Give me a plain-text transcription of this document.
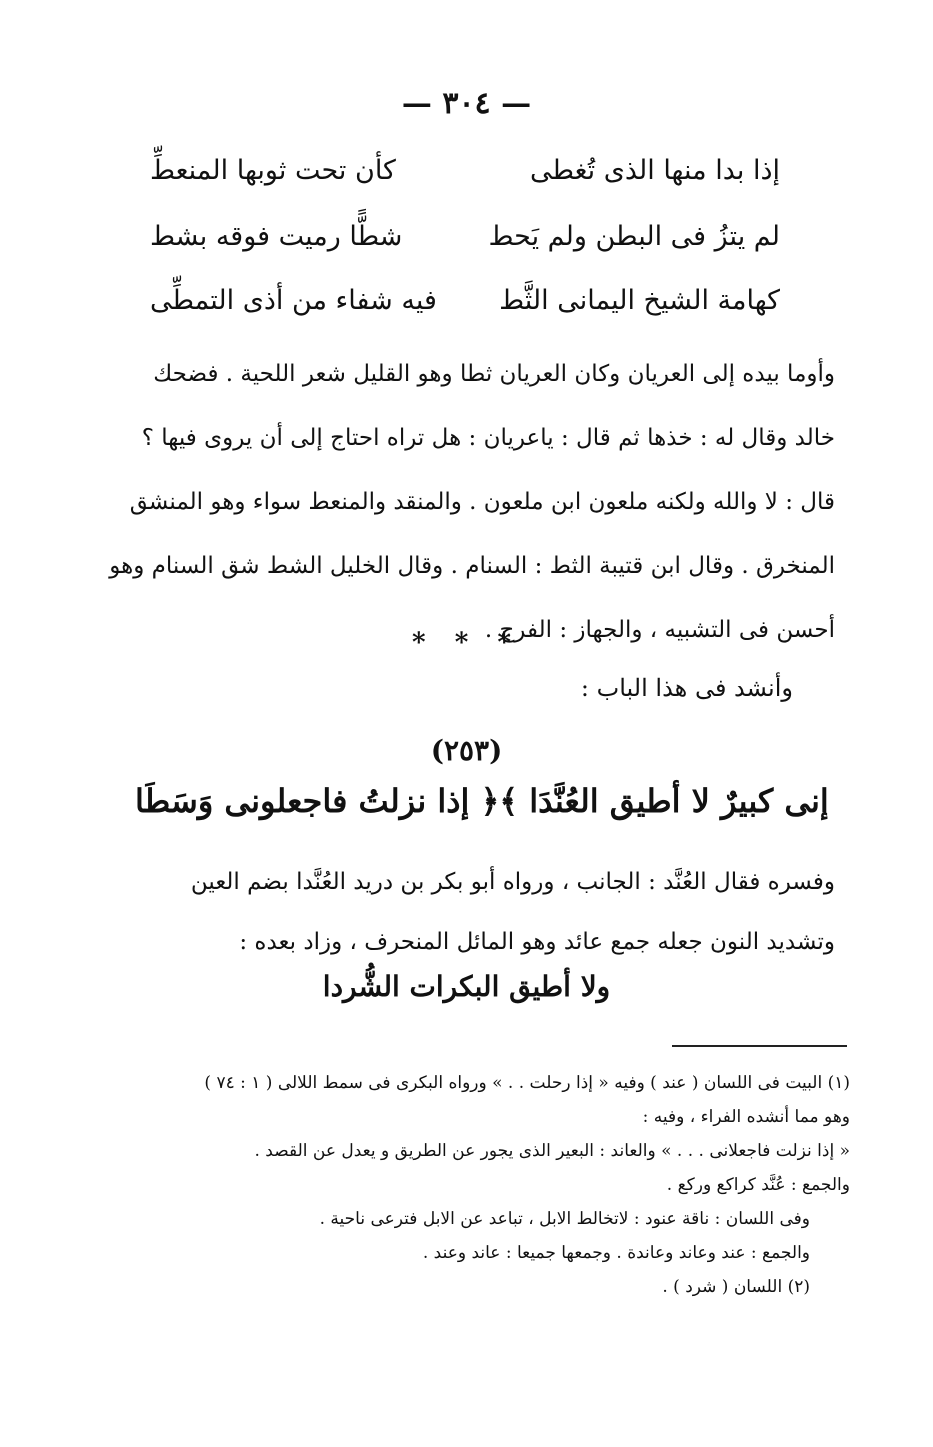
— ٣٠٤ —
كأن تحت ثوبها المنعطِّ	إذا بدا منها الذى تُغطى
شطًّا رميت فوقه بشط	لم يتزُ فى البطن ولم يَحط
فيه شفاء من أذى التمطِّى كهامة الشيخ اليمانى الثَّط

وأوما بيده إلى العريان وكان العريان ثطا وهو القليل شعر اللحية . فضحك

خالد وقال له : خذها ثم قال : ياعريان : هل تراه احتاج إلى أن يروى فيها ؟

قال : لا والله ولكنه ملعون ابن ملعون . والمنقد والمنعط سواء وهو المنشق

المنخرق . وقال ابن قتيبة الثط : السنام . وقال الخليل الشط شق السنام وهو

أحسن فى التشبيه ، والجهاز : الفرج .

* * *
وأنشد فى هذا الباب :
(٢٥٣)
﴿ إذا نزلتُ فاجعلونى وَسَطَا إنى كبيرٌ لا أطيق العُنَّدَا ﴾

وفسره فقال العُنَّد : الجانب ، ورواه أبو بكر بن دريد العُنَّدا بضم العين

وتشديد النون جعله جمع عائد وهو المائل المنحرف ، وزاد بعده :

ولا أطيق البكرات الشُّردا

(١) البيت فى اللسان ( عند ) وفيه « إذا رحلت . . » ورواه البكرى فى سمط اللالى ( ١ : ٧٤ )

وهو مما أنشده الفراء ، وفيه :

« إذا نزلت فاجعلانى . . . » والعاند : البعير الذى يجور عن الطريق و يعدل عن القصد .

والجمع : عُنَّد كراكع وركع .

وفى اللسان : ناقة عنود : لاتخالط الابل ، تباعد عن الابل فترعى ناحية .

والجمع : عند وعاند وعاندة . وجمعها جميعا : عاند وعند .

(٢) اللسان ( شرد ) .
